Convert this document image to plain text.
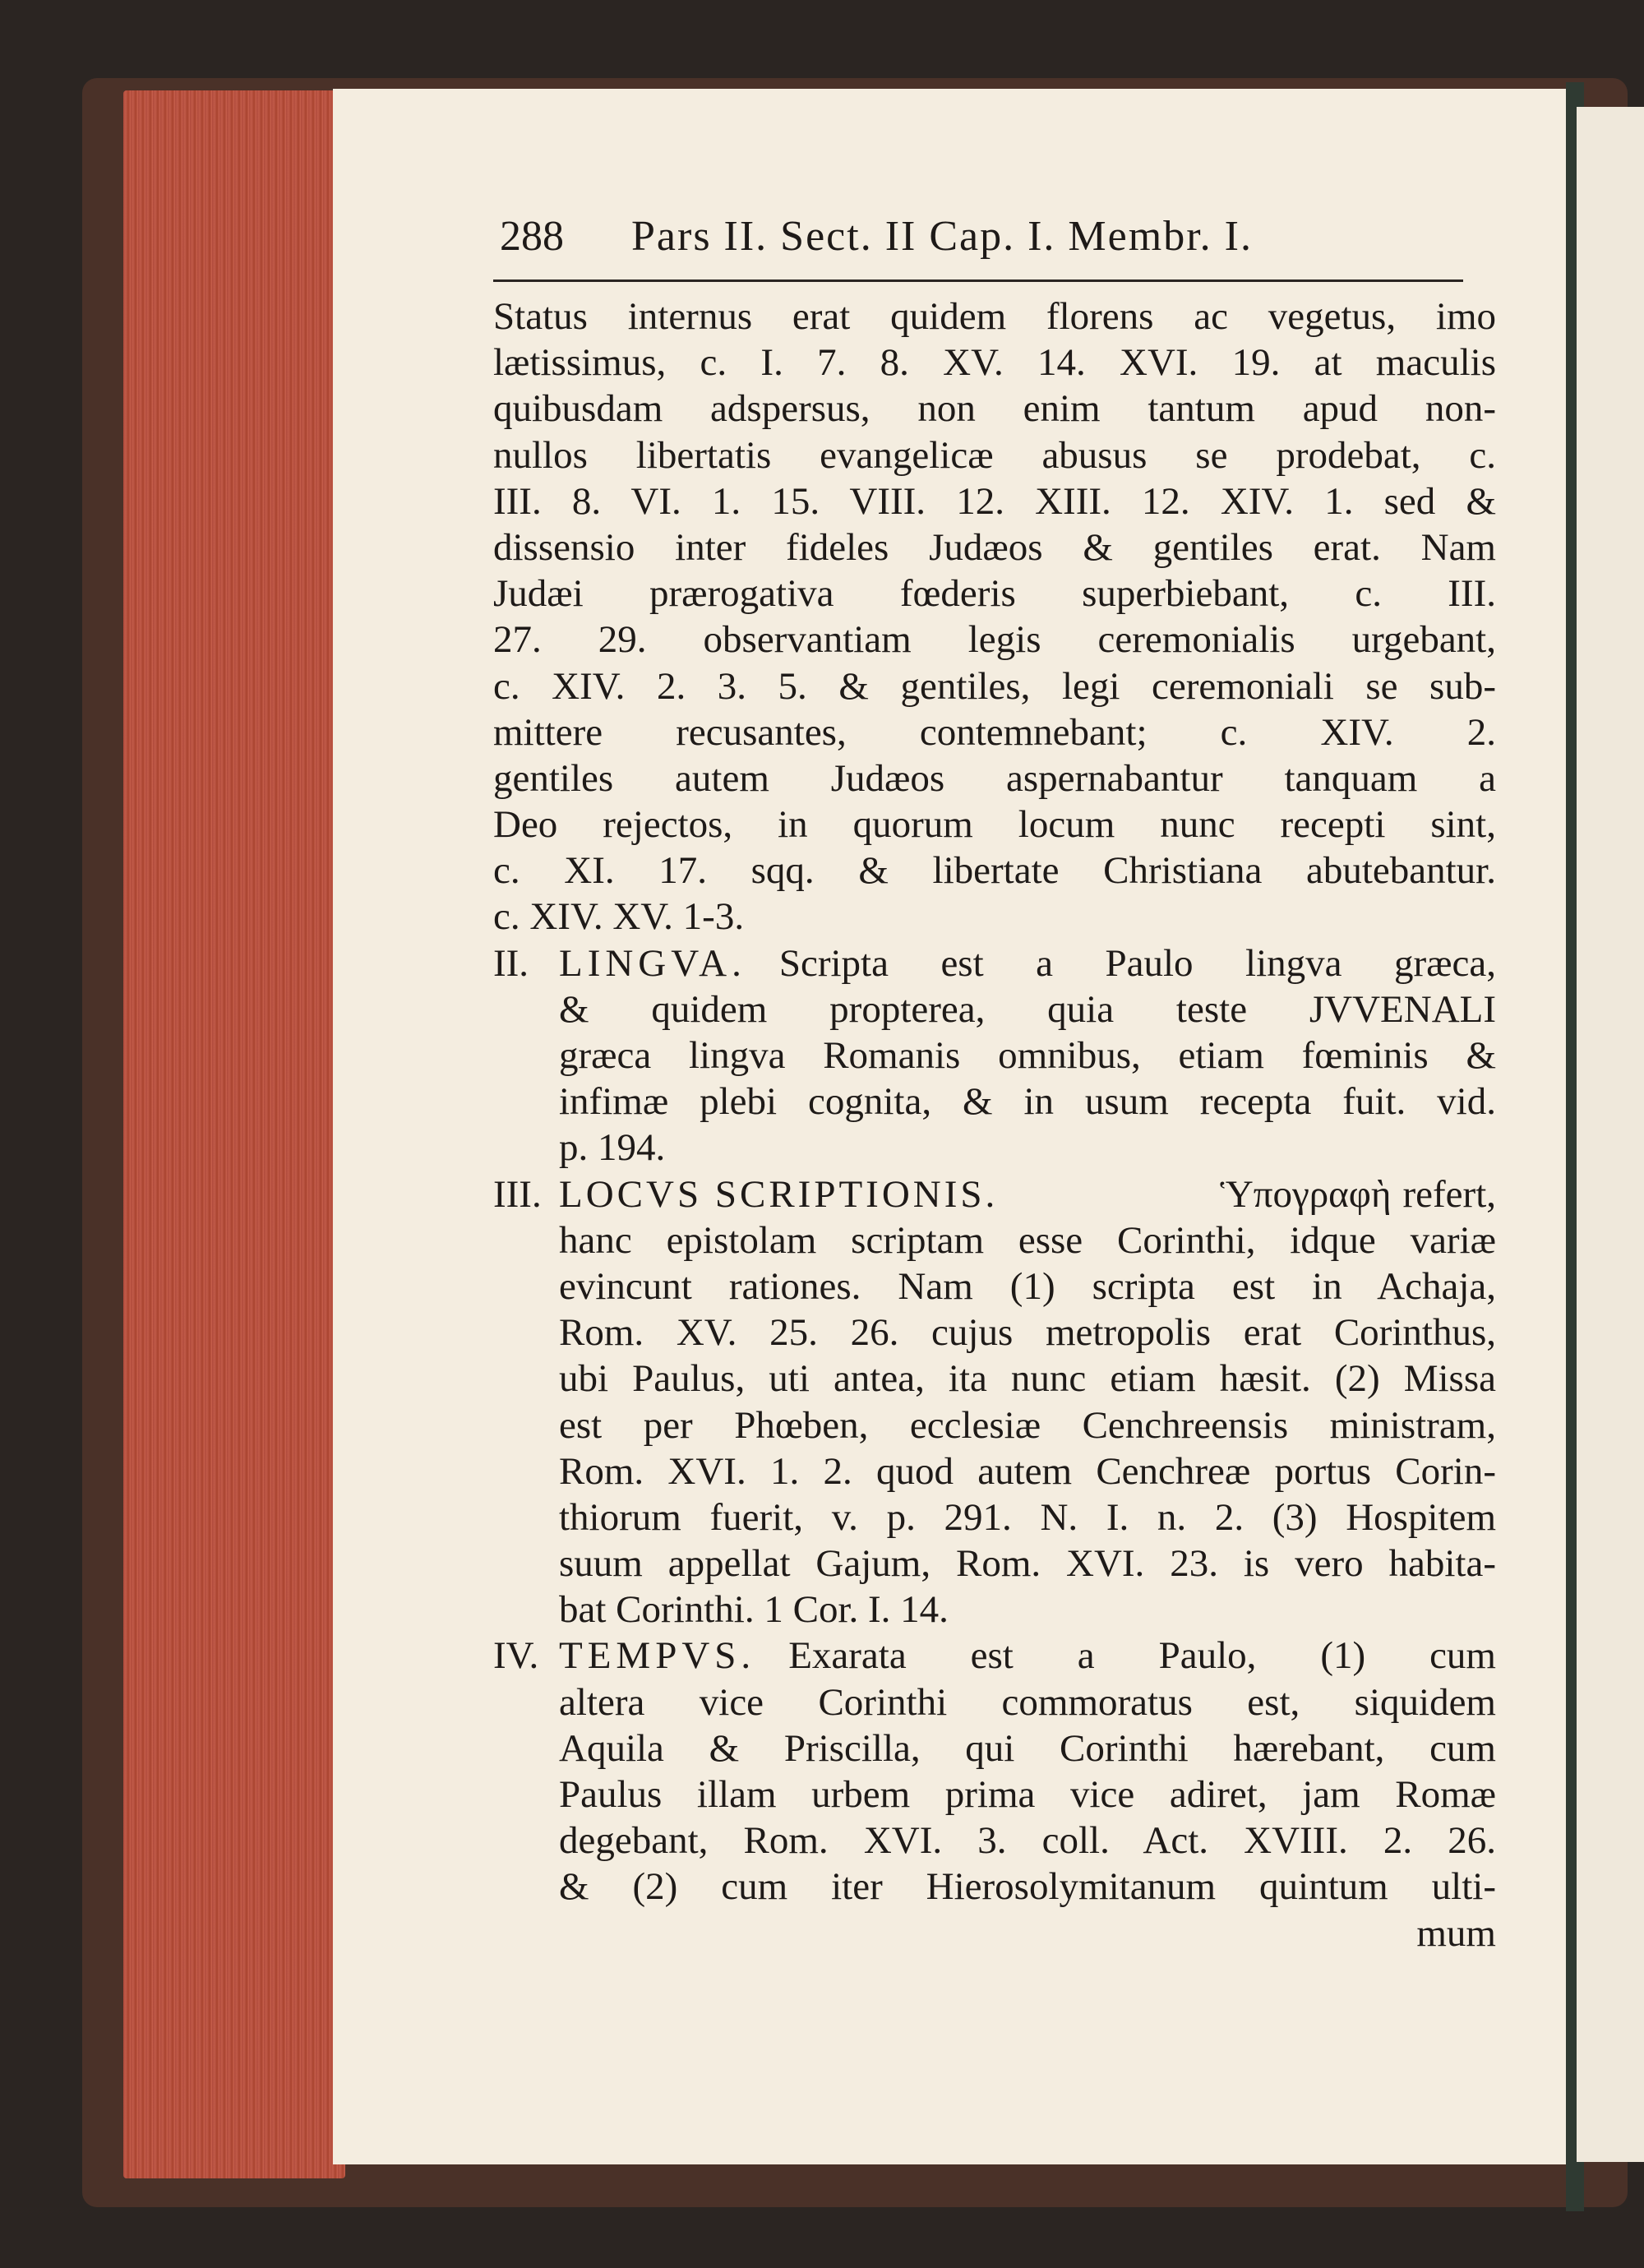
288 Pars II. Sect. II Cap. I. Membr. I.
Status internus erat quidem florens ac vegetus, imo
lætissimus, c. I. 7. 8. XV. 14. XVI. 19. at maculis
quibusdam adspersus, non enim tantum apud non-
nullos libertatis evangelicæ abusus se prodebat, c.
III. 8. VI. 1. 15. VIII. 12. XIII. 12. XIV. 1. sed &
dissensio inter fideles Judæos & gentiles erat. Nam
Judæi prærogativa fœderis superbiebant, c. III.
27. 29. observantiam legis ceremonialis urgebant,
c. XIV. 2. 3. 5. & gentiles, legi ceremoniali se sub-
mittere recusantes, contemnebant; c. XIV. 2.
gentiles autem Judæos aspernabantur tanquam a
Deo rejectos, in quorum locum nunc recepti sint,
c. XI. 17. sqq. & libertate Christiana abutebantur.
c. XIV. XV. 1-3.
II. LINGVA. Scripta est a Paulo lingva græca,
& quidem propterea, quia teste JVVENALI
græca lingva Romanis omnibus, etiam fœminis &
infimæ plebi cognita, & in usum recepta fuit. vid.
p. 194.
III. LOCVS SCRIPTIONIS.	Ὑπογραφὴ refert,
hanc epistolam scriptam esse Corinthi, idque variæ
evincunt rationes. Nam (1) scripta est in Achaja,
Rom. XV. 25. 26. cujus metropolis erat Corinthus,
ubi Paulus, uti antea, ita nunc etiam hæsit. (2) Missa
est per Phœben, ecclesiæ Cenchreensis ministram,
Rom. XVI. 1. 2. quod autem Cenchreæ portus Corin-
thiorum fuerit, v. p. 291. N. I. n. 2. (3) Hospitem
suum appellat Gajum, Rom. XVI. 23. is vero habita-
bat Corinthi. 1 Cor. I. 14.
IV. TEMPVS. Exarata est a Paulo, (1) cum
altera vice Corinthi commoratus est, siquidem
Aquila & Priscilla, qui Corinthi hærebant, cum
Paulus illam urbem prima vice adiret, jam Romæ
degebant, Rom. XVI. 3. coll. Act. XVIII. 2. 26.
& (2) cum iter Hierosolymitanum quintum ulti-
mum
